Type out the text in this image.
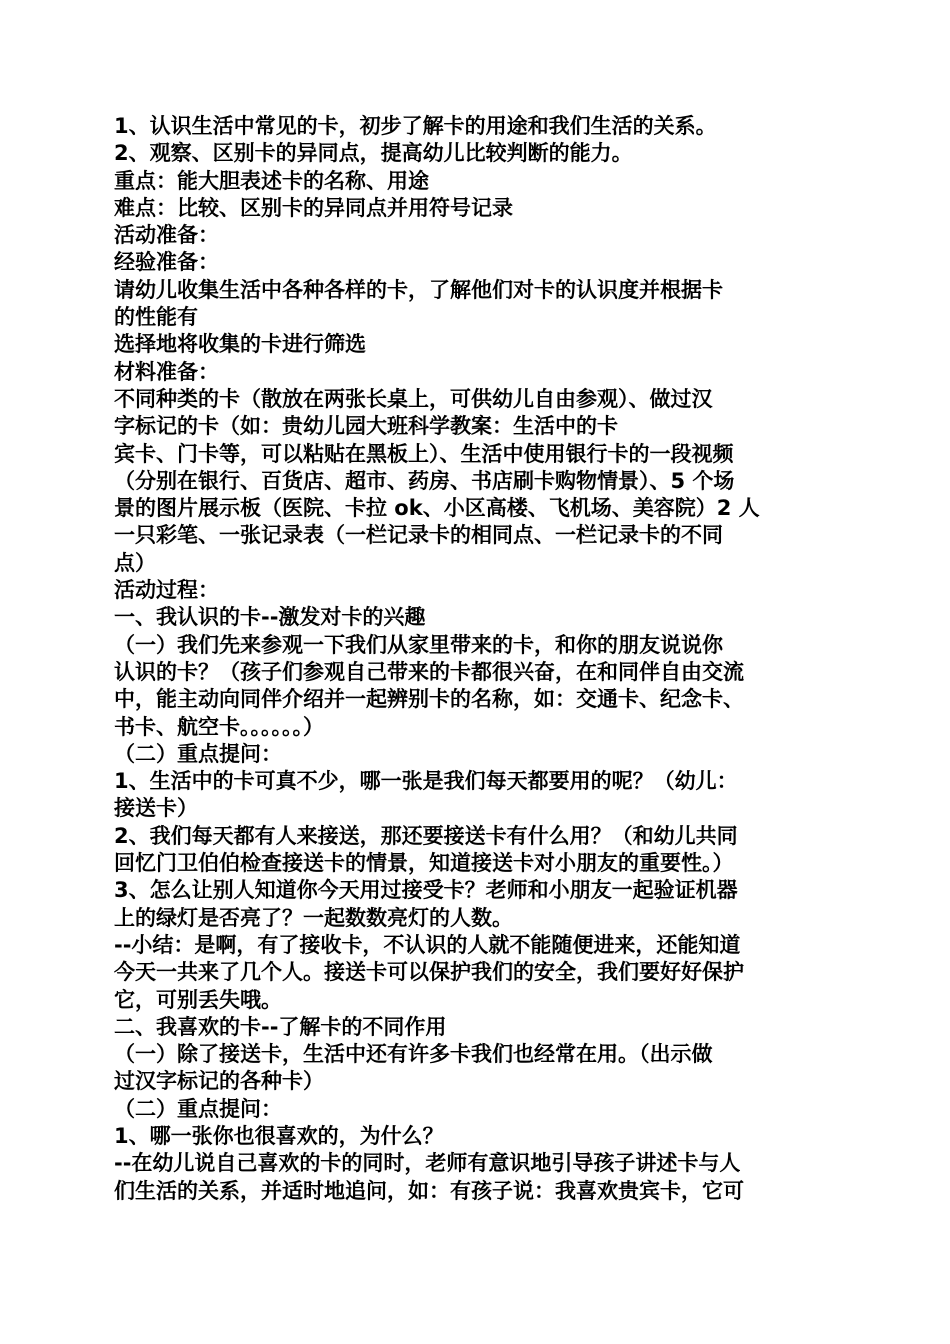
1、认识生活中常见的卡，初步了解卡的用途和我们生活的关系。
2、观察、区别卡的异同点，提高幼儿比较判断的能力。
重点：能大胆表述卡的名称、用途
难点：比较、区别卡的异同点并用符号记录
活动准备：
经验准备：
请幼儿收集生活中各种各样的卡，了解他们对卡的认识度并根据卡
的性能有
选择地将收集的卡进行筛选
材料准备：
不同种类的卡（散放在两张长桌上，可供幼儿自由参观）、做过汉
字标记的卡（如：贵幼儿园大班科学教案：生活中的卡
宾卡、门卡等，可以粘贴在黑板上）、生活中使用银行卡的一段视频
（分别在银行、百货店、超市、药房、书店刷卡购物情景）、5 个场
景的图片展示板（医院、卡拉 ok、小区高楼、飞机场、美容院）2 人
一只彩笔、一张记录表（一栏记录卡的相同点、一栏记录卡的不同
点）
活动过程：
一、我认识的卡--激发对卡的兴趣
（一）我们先来参观一下我们从家里带来的卡，和你的朋友说说你
认识的卡？（孩子们参观自己带来的卡都很兴奋，在和同伴自由交流
中，能主动向同伴介绍并一起辨别卡的名称，如：交通卡、纪念卡、
书卡、航空卡。。。。。。）
（二）重点提问：
1、生活中的卡可真不少，哪一张是我们每天都要用的呢？（幼儿：
接送卡）
2、我们每天都有人来接送，那还要接送卡有什么用？（和幼儿共同
回忆门卫伯伯检查接送卡的情景，知道接送卡对小朋友的重要性。）
3、怎么让别人知道你今天用过接受卡？老师和小朋友一起验证机器
上的绿灯是否亮了？一起数数亮灯的人数。
--小结：是啊，有了接收卡，不认识的人就不能随便进来，还能知道
今天一共来了几个人。接送卡可以保护我们的安全，我们要好好保护
它，可别丢失哦。
二、我喜欢的卡--了解卡的不同作用
（一）除了接送卡，生活中还有许多卡我们也经常在用。（出示做
过汉字标记的各种卡）
（二）重点提问：
1、哪一张你也很喜欢的，为什么？
--在幼儿说自己喜欢的卡的同时，老师有意识地引导孩子讲述卡与人
们生活的关系，并适时地追问，如：有孩子说：我喜欢贵宾卡，它可
